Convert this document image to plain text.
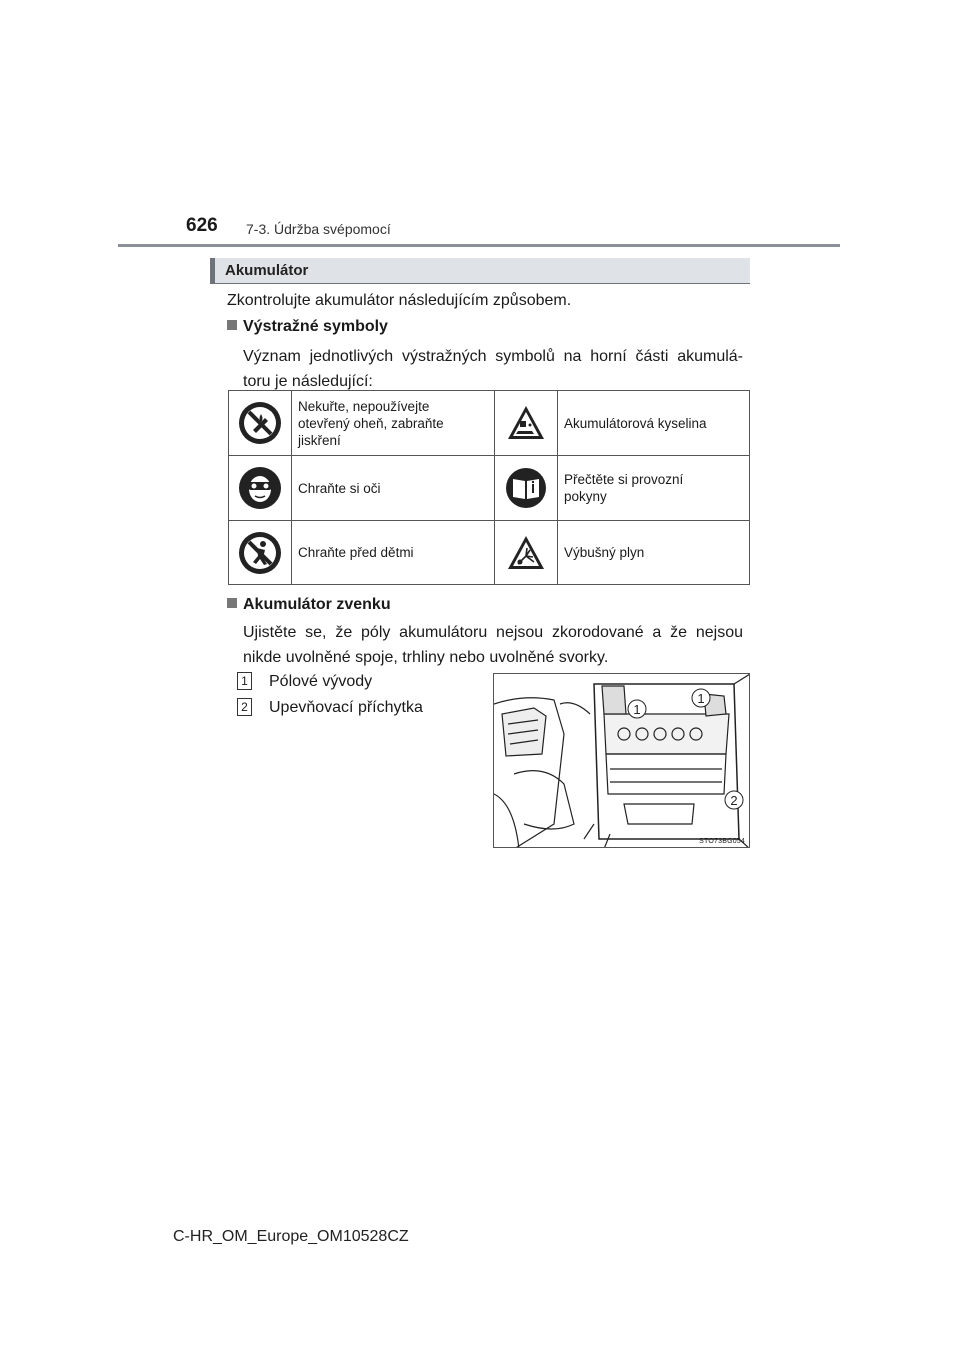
626 7-3. Údržba svépomocí
Akumulátor
Zkontrolujte akumulátor následujícím způsobem.
Výstražné symboly
Význam jednotlivých výstražných symbolů na horní části akumulá-
toru je následující:

Nekuřte, nepoužívejte
otevřený oheň, zabraňte
jiskření		Akumulátorová kyselina

Chraňte si oči		Přečtěte si provozní
pokyny

Chraňte před dětmi		Výbušný plyn
Akumulátor zvenku
Ujistěte se, že póly akumulátoru nejsou zkorodované a že nejsou
nikde uvolněné spoje, trhliny nebo uvolněné svorky.
1 Pólové vývody
2 Upevňovací příchytka	1
1
2
STO73BG054
C-HR_OM_Europe_OM10528CZ
